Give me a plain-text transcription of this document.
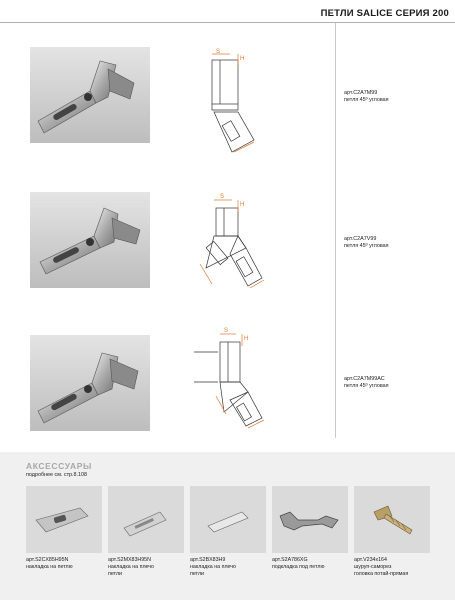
ПЕТЛИ SALICE СЕРИЯ 200
S
H
арт.C2A7M99
петля 45º угловая
S
H
арт.C2A7V99
петля 45º угловая
S
H
арт.C2A7M99AC
петля 45º угловая
АКСЕССУАРЫ
подробнее см. стр.8.108
арт.S2CX85H95N
накладка на петлю
арт.S2MX83H95N
накладка на плечо
петли
арт.S2BX83H9
накладка на плечо
петли
арт.S2A786XG
подкладка под петлю
арт.V234x164
шуруп-саморез
головка потай-прямая
